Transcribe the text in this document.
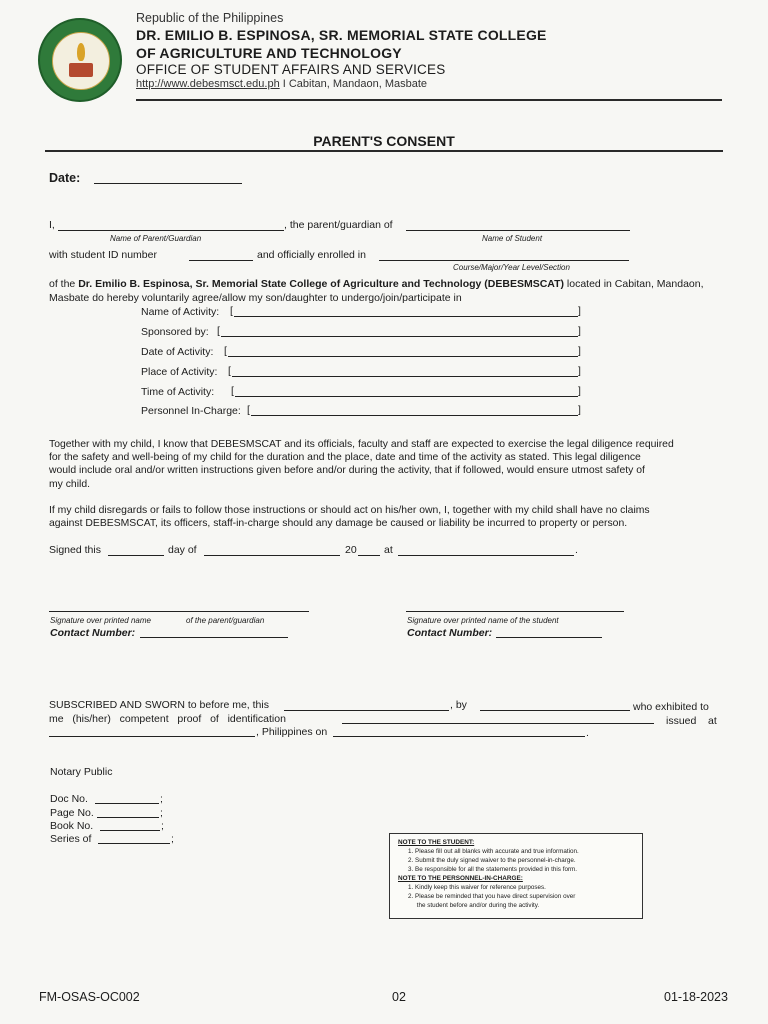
Republic of the Philippines
DR. EMILIO B. ESPINOSA, SR. MEMORIAL STATE COLLEGE
OF AGRICULTURE AND TECHNOLOGY
OFFICE OF STUDENT AFFAIRS AND SERVICES
http://www.debesmsct.edu.ph I Cabitan, Mandaon, Masbate
PARENT'S CONSENT
Date:
I,	, the parent/guardian of
Name of Parent/Guardian	Name of Student
with student ID number	and officially enrolled in
Course/Major/Year Level/Section
of the Dr. Emilio B. Espinosa, Sr. Memorial State College of Agriculture and Technology (DEBESMSCAT) located in Cabitan, Mandaon,
Masbate do hereby voluntarily agree/allow my son/daughter to undergo/join/participate in
Name of Activity: [	]
Sponsored by: [	]
Date of Activity: [	]
Place of Activity: [	]
Time of Activity: [	]
Personnel In-Charge: [	]
Together with my child, I know that DEBESMSCAT and its officials, faculty and staff are expected to exercise the legal diligence required
for the safety and well-being of my child for the duration and the place, date and time of the activity as stated. This legal diligence
would include oral and/or written instructions given before and/or during the activity, that if followed, would ensure utmost safety of
my child.
If my child disregards or fails to follow those instructions or should act on his/her own, I, together with my child shall have no claims
against DEBESMSCAT, its officers, staff-in-charge should any damage be caused or liability be incurred to property or person.
Signed this	day of	20	at	.
Signature over printed name	of the parent/guardian
Contact Number:
Signature over printed name of the student
Contact Number:
SUBSCRIBED AND SWORN to before me, this	, by	who exhibited to
me   (his/her)   competent   proof   of   identification	issued    at
, Philippines on	.
Notary Public
Doc No.	;
Page No.	;
Book No.	;
Series of	;	NOTE TO THE STUDENT:
1. Please fill out all blanks with accurate and true information.
2. Submit the duly signed waiver to the personnel-in-charge.
3. Be responsible for all the statements provided in this form.
NOTE TO THE PERSONNEL-IN-CHARGE:
1. Kindly keep this waiver for reference purposes.
2. Please be reminded that you have direct supervision over
the student before and/or during the activity.
FM-OSAS-OC002	02	01-18-2023
